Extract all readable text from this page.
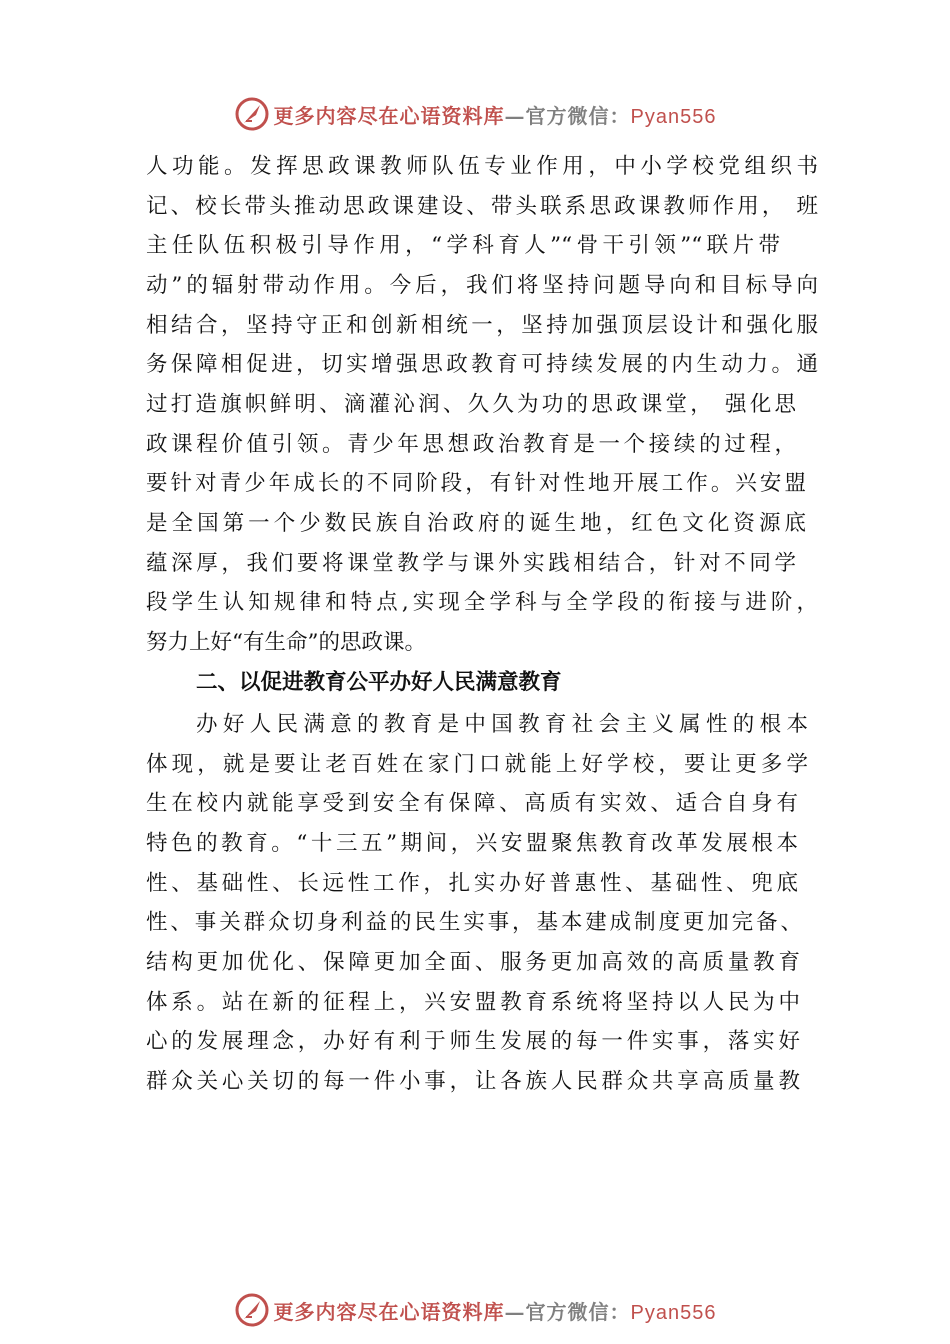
更多内容尽在心语资料库—官方微信：Pyan556
人功能。发挥思政课教师队伍专业作用，中小学校党组织书
记、校长带头推动思政课建设、带头联系思政课教师作用， 班
主任队伍积极引导作用，“学科育人”“骨干引领”“联片带
动”的辐射带动作用。今后，我们将坚持问题导向和目标导向
相结合，坚持守正和创新相统一，坚持加强顶层设计和强化服
务保障相促进，切实增强思政教育可持续发展的内生动力。通
过打造旗帜鲜明、滴灌沁润、久久为功的思政课堂， 强化思
政课程价值引领。青少年思想政治教育是一个接续的过程，
要针对青少年成长的不同阶段，有针对性地开展工作。兴安盟
是全国第一个少数民族自治政府的诞生地，红色文化资源底
蕴深厚，我们要将课堂教学与课外实践相结合，针对不同学
段学生认知规律和特点,实现全学科与全学段的衔接与进阶，
努力上好“有生命”的思政课。
二、以促进教育公平办好人民满意教育
办好人民满意的教育是中国教育社会主义属性的根本
体现，就是要让老百姓在家门口就能上好学校，要让更多学
生在校内就能享受到安全有保障、高质有实效、适合自身有
特色的教育。“十三五”期间，兴安盟聚焦教育改革发展根本
性、基础性、长远性工作，扎实办好普惠性、基础性、兜底
性、事关群众切身利益的民生实事，基本建成制度更加完备、
结构更加优化、保障更加全面、服务更加高效的高质量教育
体系。站在新的征程上，兴安盟教育系统将坚持以人民为中
心的发展理念，办好有利于师生发展的每一件实事，落实好
群众关心关切的每一件小事，让各族人民群众共享高质量教
更多内容尽在心语资料库—官方微信：Pyan556
